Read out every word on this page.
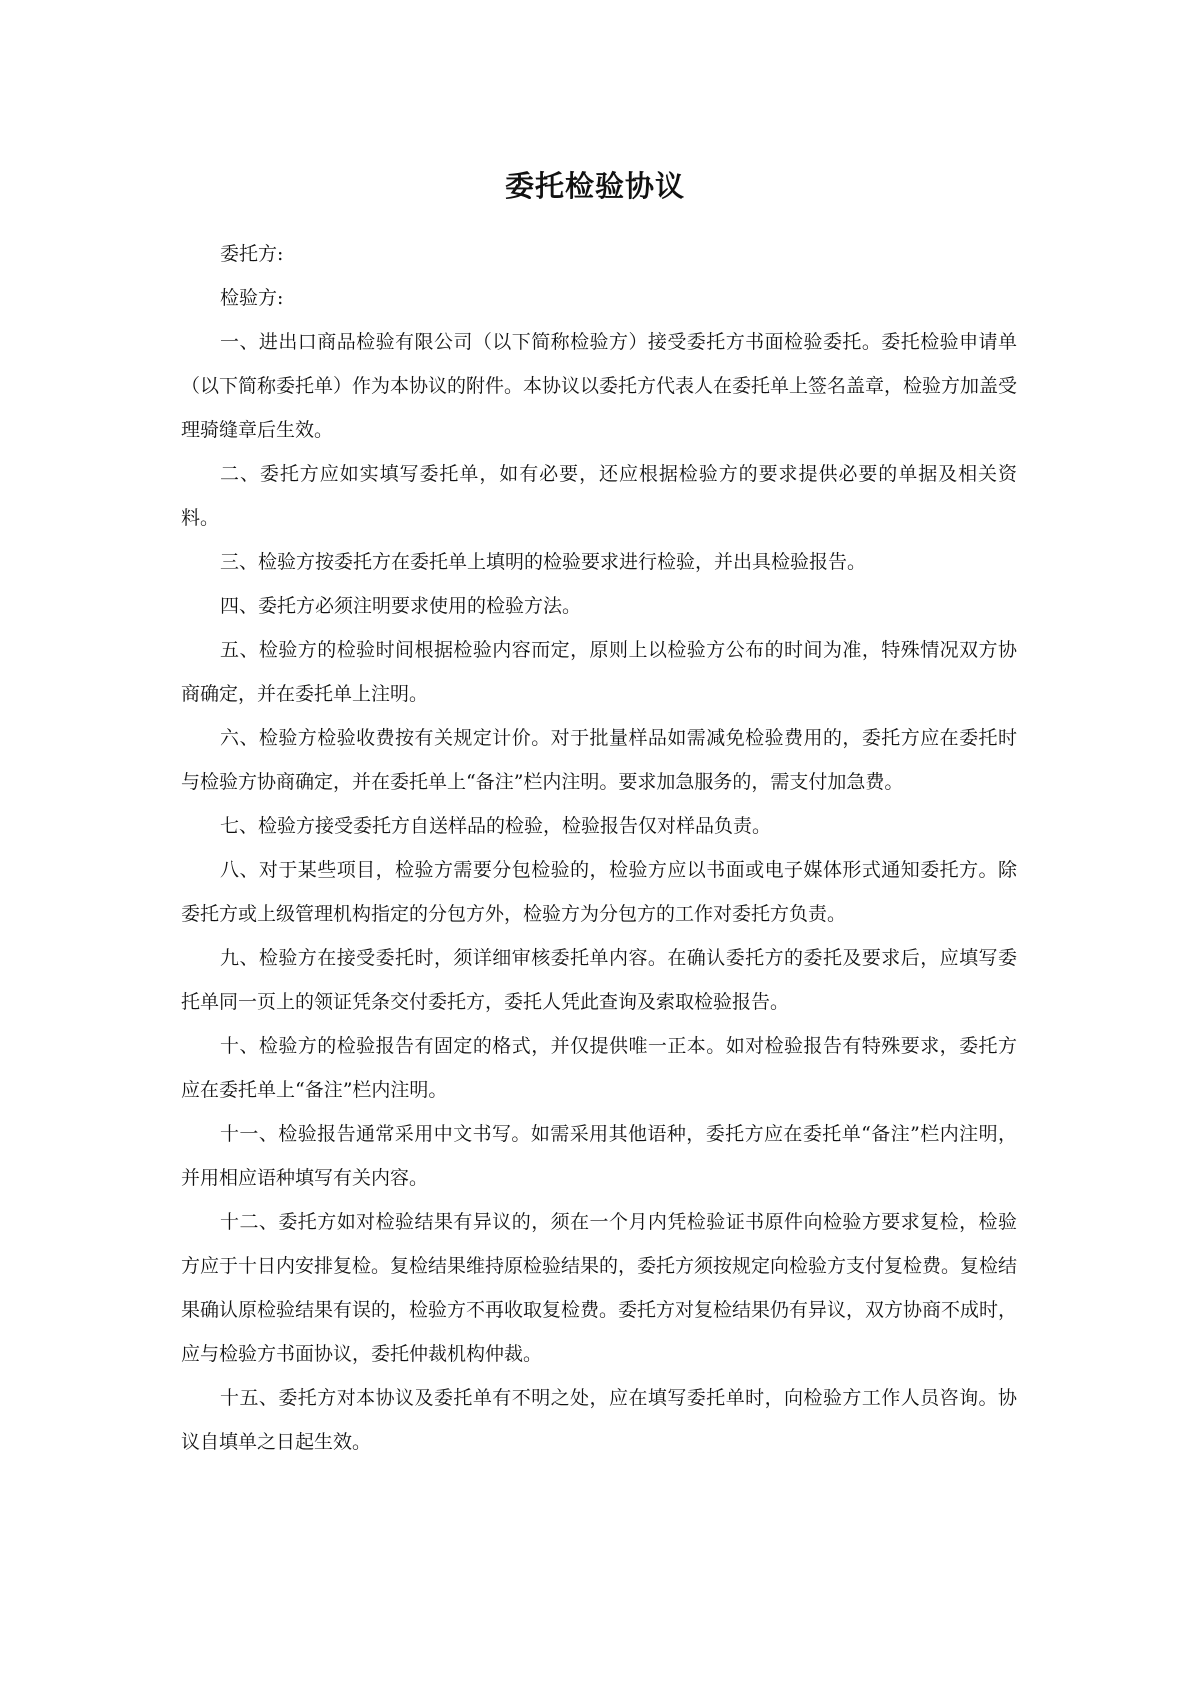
委托检验协议

委托方:

检验方:

一、进出口商品检验有限公司（以下简称检验方）接受委托方书面检验委托。委托检验申请单（以下简称委托单）作为本协议的附件。本协议以委托方代表人在委托单上签名盖章，检验方加盖受理骑缝章后生效。

二、委托方应如实填写委托单，如有必要，还应根据检验方的要求提供必要的单据及相关资料。

三、检验方按委托方在委托单上填明的检验要求进行检验，并出具检验报告。

四、委托方必须注明要求使用的检验方法。

五、检验方的检验时间根据检验内容而定，原则上以检验方公布的时间为准，特殊情况双方协商确定，并在委托单上注明。

六、检验方检验收费按有关规定计价。对于批量样品如需减免检验费用的，委托方应在委托时与检验方协商确定，并在委托单上“备注”栏内注明。要求加急服务的，需支付加急费。

七、检验方接受委托方自送样品的检验，检验报告仅对样品负责。

八、对于某些项目，检验方需要分包检验的，检验方应以书面或电子媒体形式通知委托方。除委托方或上级管理机构指定的分包方外，检验方为分包方的工作对委托方负责。

九、检验方在接受委托时，须详细审核委托单内容。在确认委托方的委托及要求后，应填写委托单同一页上的领证凭条交付委托方，委托人凭此查询及索取检验报告。

十、检验方的检验报告有固定的格式，并仅提供唯一正本。如对检验报告有特殊要求，委托方应在委托单上“备注”栏内注明。

十一、检验报告通常采用中文书写。如需采用其他语种，委托方应在委托单“备注”栏内注明，并用相应语种填写有关内容。

十二、委托方如对检验结果有异议的，须在一个月内凭检验证书原件向检验方要求复检，检验方应于十日内安排复检。复检结果维持原检验结果的，委托方须按规定向检验方支付复检费。复检结果确认原检验结果有误的，检验方不再收取复检费。委托方对复检结果仍有异议，双方协商不成时，应与检验方书面协议，委托仲裁机构仲裁。

十五、委托方对本协议及委托单有不明之处，应在填写委托单时，向检验方工作人员咨询。协议自填单之日起生效。
